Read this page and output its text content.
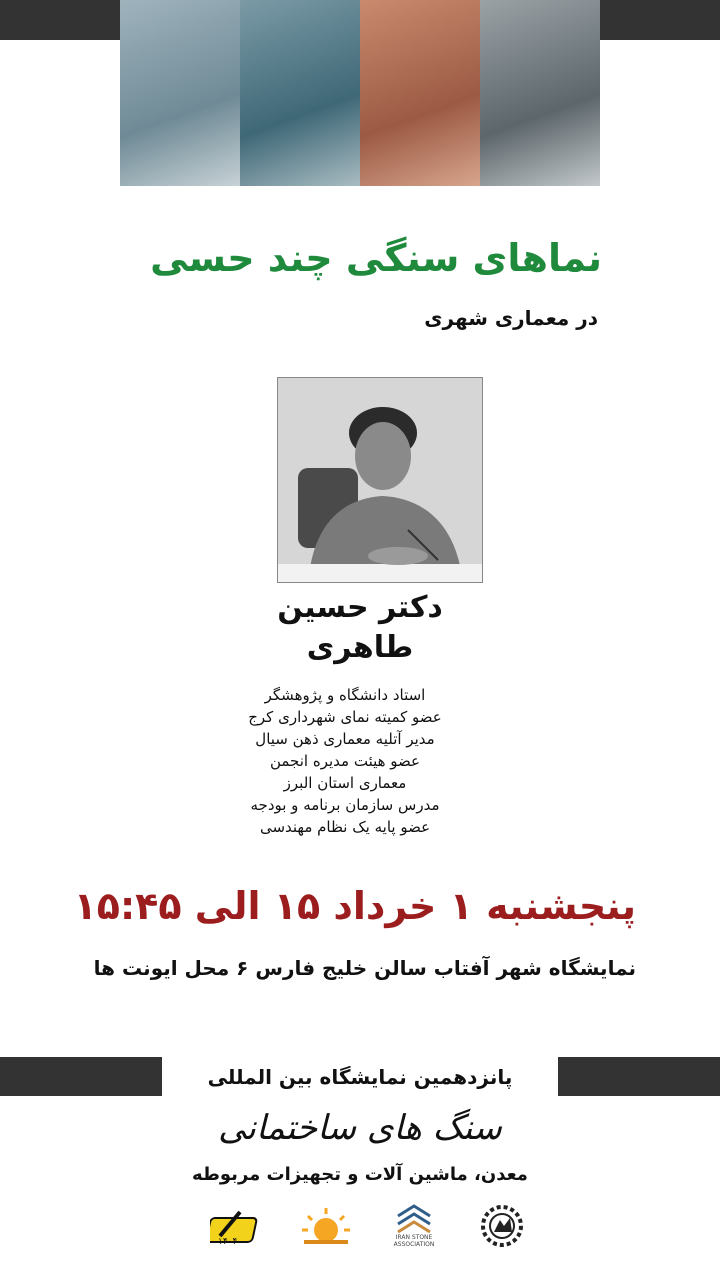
نماهای سنگی چند حسی
در معماری شهری
دکتر حسین
طاهری
استاد دانشگاه و پژوهشگر
عضو کمیته نمای شهرداری کرج
مدیر آتلیه معماری ذهن سیال
عضو هیئت مدیره انجمن
معماری استان البرز
مدرس سازمان برنامه و بودجه
عضو پایه یک نظام مهندسی
پنجشنبه ۱ خرداد ۱۵ الی ۱۵:۴۵
نمایشگاه شهر آفتاب سالن خلیج فارس ۶ محل ایونت ها
پانزدهمین نمایشگاه بین المللی
سنگ های ساختمانی
معدن، ماشین آلات و تجهیزات مربوطه
۱۴۰۴	IRAN STONE ASSOCIATION
